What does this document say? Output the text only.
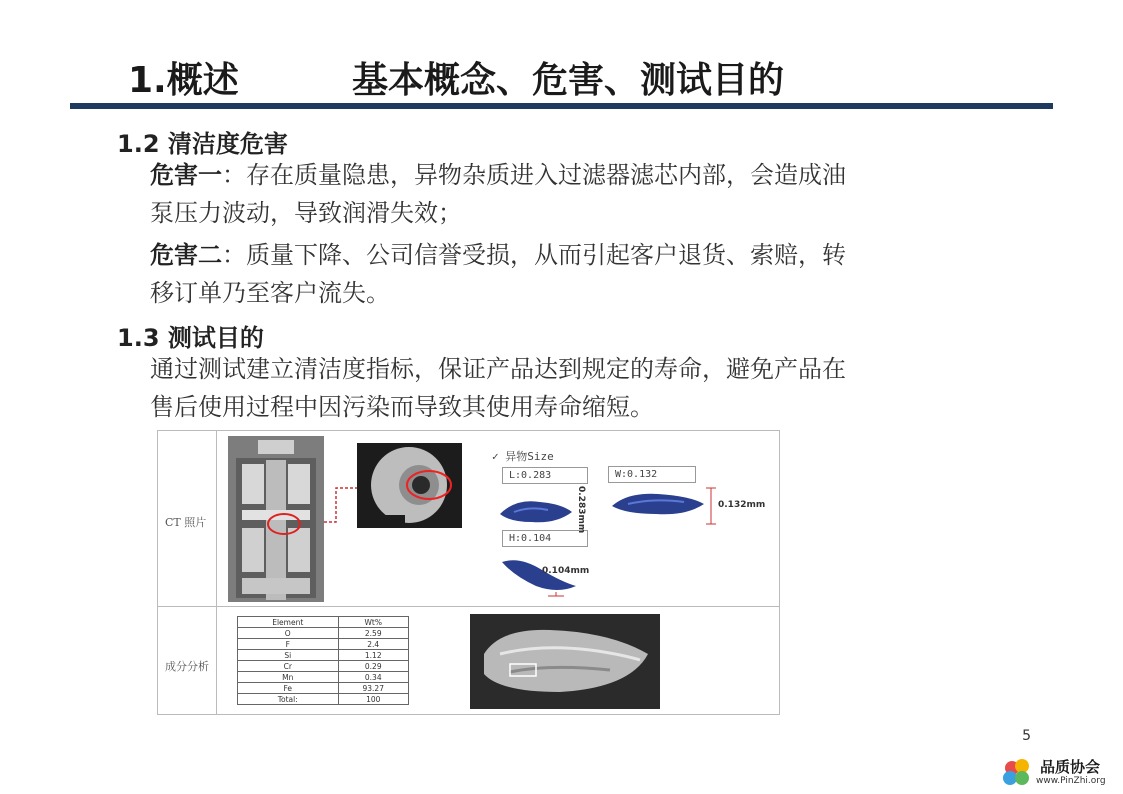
1.概述	基本概念、危害、测试目的
1.2 清洁度危害
危害一：存在质量隐患，异物杂质进入过滤器滤芯内部，会造成油
泵压力波动，导致润滑失效；
危害二：质量下降、公司信誉受损，从而引起客户退货、索赔，转
移订单乃至客户流失。
1.3 测试目的
通过测试建立清洁度指标，保证产品达到规定的寿命，避免产品在
售后使用过程中因污染而导致其使用寿命缩短。
CT 照片
成分分析
✓ 异物Size
L:0.283	W:0.132
H:0.104
0.283mm	0.132mm
0.104mm
Element	Wt%
O	2.59
F	2.4
Si	1.12
Cr	0.29
Mn	0.34
Fe	93.27
Total:	100
5
品质协会
www.PinZhi.org
